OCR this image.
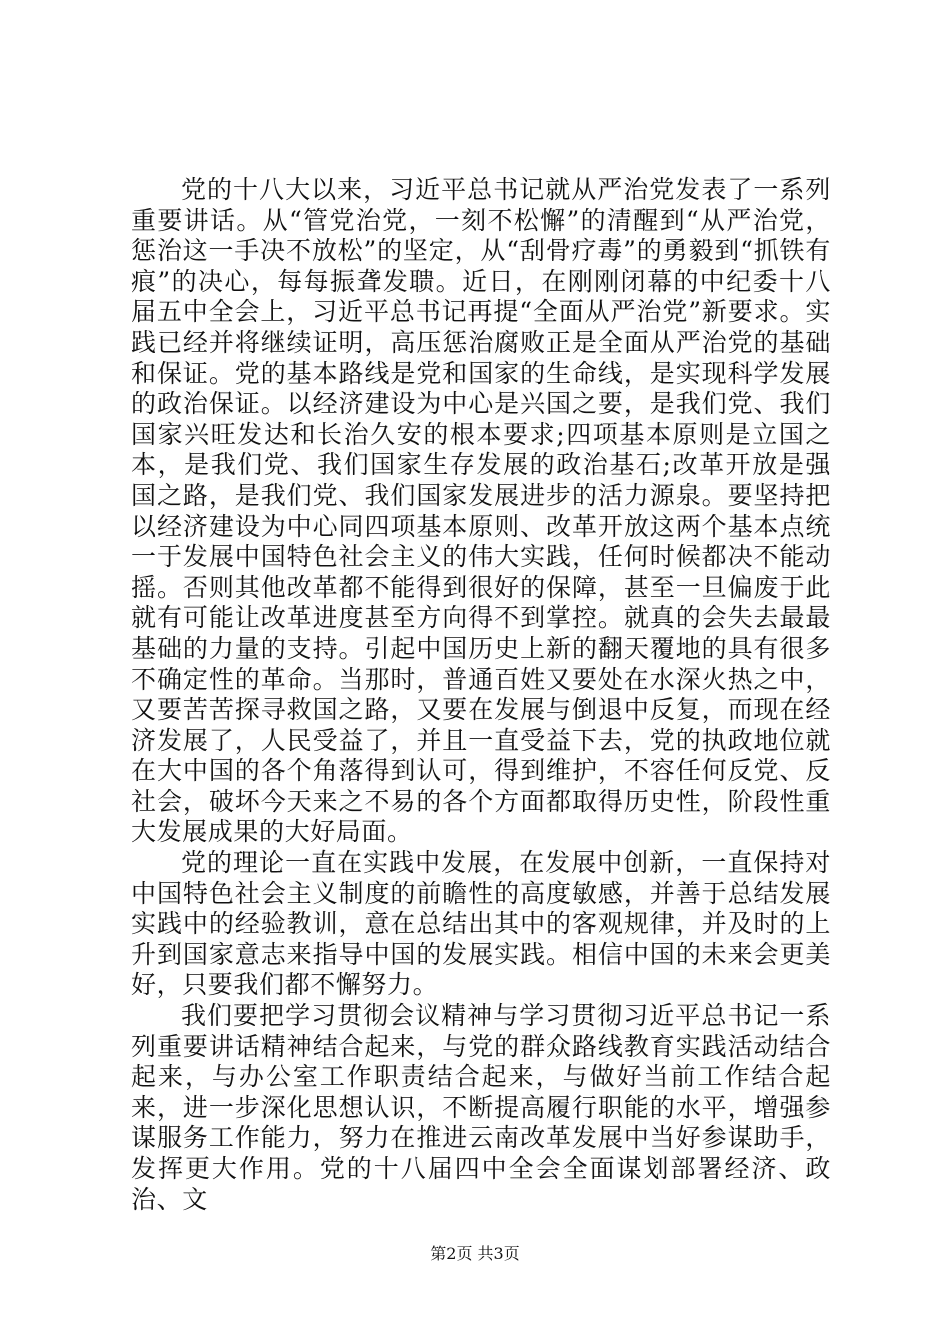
党的十八大以来，习近平总书记就从严治党发表了一系列重要讲话。从“管党治党，一刻不松懈”的清醒到“从严治党，惩治这一手决不放松”的坚定，从“刮骨疗毒”的勇毅到“抓铁有痕”的决心，每每振聋发聩。近日，在刚刚闭幕的中纪委十八届五中全会上，习近平总书记再提“全面从严治党”新要求。实践已经并将继续证明，高压惩治腐败正是全面从严治党的基础和保证。党的基本路线是党和国家的生命线，是实现科学发展的政治保证。以经济建设为中心是兴国之要，是我们党、我们国家兴旺发达和长治久安的根本要求;四项基本原则是立国之本，是我们党、我们国家生存发展的政治基石;改革开放是强国之路，是我们党、我们国家发展进步的活力源泉。要坚持把以经济建设为中心同四项基本原则、改革开放这两个基本点统一于发展中国特色社会主义的伟大实践，任何时候都决不能动摇。否则其他改革都不能得到很好的保障，甚至一旦偏废于此就有可能让改革进度甚至方向得不到掌控。就真的会失去最最基础的力量的支持。引起中国历史上新的翻天覆地的具有很多不确定性的革命。当那时，普通百姓又要处在水深火热之中，又要苦苦探寻救国之路，又要在发展与倒退中反复，而现在经济发展了，人民受益了，并且一直受益下去，党的执政地位就在大中国的各个角落得到认可，得到维护，不容任何反党、反社会，破坏今天来之不易的各个方面都取得历史性，阶段性重大发展成果的大好局面。

党的理论一直在实践中发展，在发展中创新，一直保持对中国特色社会主义制度的前瞻性的高度敏感，并善于总结发展实践中的经验教训，意在总结出其中的客观规律，并及时的上升到国家意志来指导中国的发展实践。相信中国的未来会更美好，只要我们都不懈努力。

我们要把学习贯彻会议精神与学习贯彻习近平总书记一系列重要讲话精神结合起来，与党的群众路线教育实践活动结合起来，与办公室工作职责结合起来，与做好当前工作结合起来，进一步深化思想认识，不断提高履行职能的水平，增强参谋服务工作能力，努力在推进云南改革发展中当好参谋助手，发挥更大作用。党的十八届四中全会全面谋划部署经济、政治、文

第2页 共3页
